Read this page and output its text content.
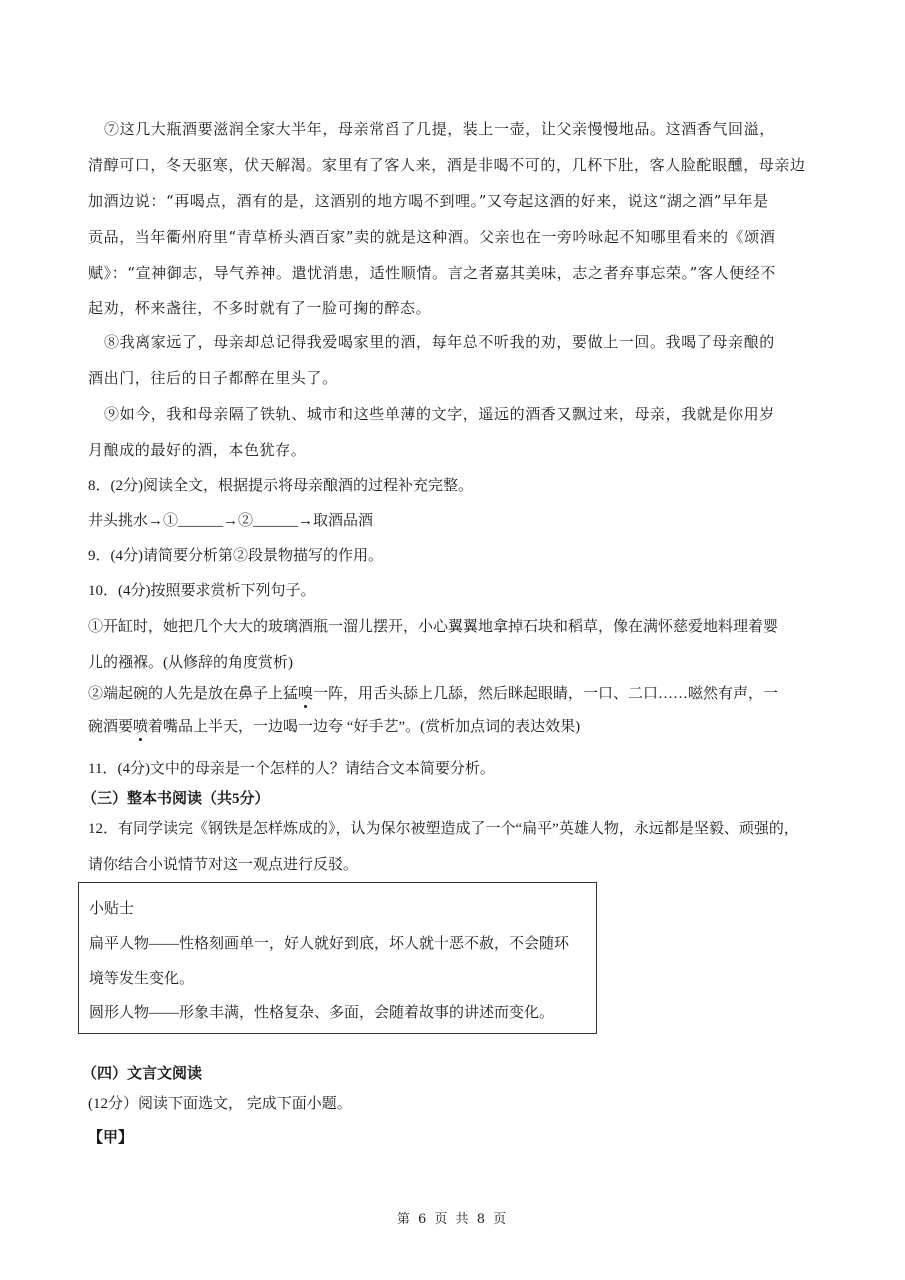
⑦这几大瓶酒要滋润全家大半年，母亲常舀了几提，装上一壶，让父亲慢慢地品。这酒香气回溢，
清醇可口，冬天驱寒，伏天解渴。家里有了客人来，酒是非喝不可的，几杯下肚，客人脸酡眼醺，母亲边
加酒边说：“再喝点，酒有的是，这酒别的地方喝不到哩。”又夸起这酒的好来，说这“湖之酒”早年是
贡品，当年衢州府里“青草桥头酒百家”卖的就是这种酒。父亲也在一旁吟咏起不知哪里看来的《颂酒
赋》：“宣神御志，导气养神。遣忧消患，适性顺情。言之者嘉其美味，志之者弃事忘荣。”客人便经不
起劝，杯来盏往，不多时就有了一脸可掬的醉态。
⑧我离家远了，母亲却总记得我爱喝家里的酒，每年总不听我的劝，要做上一回。我喝了母亲酿的
酒出门，往后的日子都醉在里头了。
⑨如今，我和母亲隔了铁轨、城市和这些单薄的文字，遥远的酒香又飘过来，母亲，我就是你用岁
月酿成的最好的酒，本色犹存。
8．(2分)阅读全文，根据提示将母亲酿酒的过程补充完整。
井头挑水→①______→②______→取酒品酒
9．(4分)请简要分析第②段景物描写的作用。
10．(4分)按照要求赏析下列句子。
①开缸时，她把几个大大的玻璃酒瓶一溜儿摆开，小心翼翼地拿掉石块和稻草，像在满怀慈爱地料理着婴
儿的襁褓。(从修辞的角度赏析)
②端起碗的人先是放在鼻子上猛嗅一阵，用舌头舔上几舔，然后眯起眼睛，一口、二口……嗞然有声，一
碗酒要喷着嘴品上半天，一边喝一边夸 “好手艺”。(赏析加点词的表达效果)
11．(4分)文中的母亲是一个怎样的人？请结合文本简要分析。
（三）整本书阅读（共5分）
12．有同学读完《钢铁是怎样炼成的》，认为保尔被塑造成了一个“扁平”英雄人物，永远都是坚毅、顽强的，
请你结合小说情节对这一观点进行反驳。
小贴士
扁平人物——性格刻画单一，好人就好到底，坏人就十恶不赦，不会随环
境等发生变化。
圆形人物——形象丰满，性格复杂、多面，会随着故事的讲述而变化。
（四）文言文阅读
(12分）阅读下面选文， 完成下面小题。
【甲】
第 6 页 共 8 页
